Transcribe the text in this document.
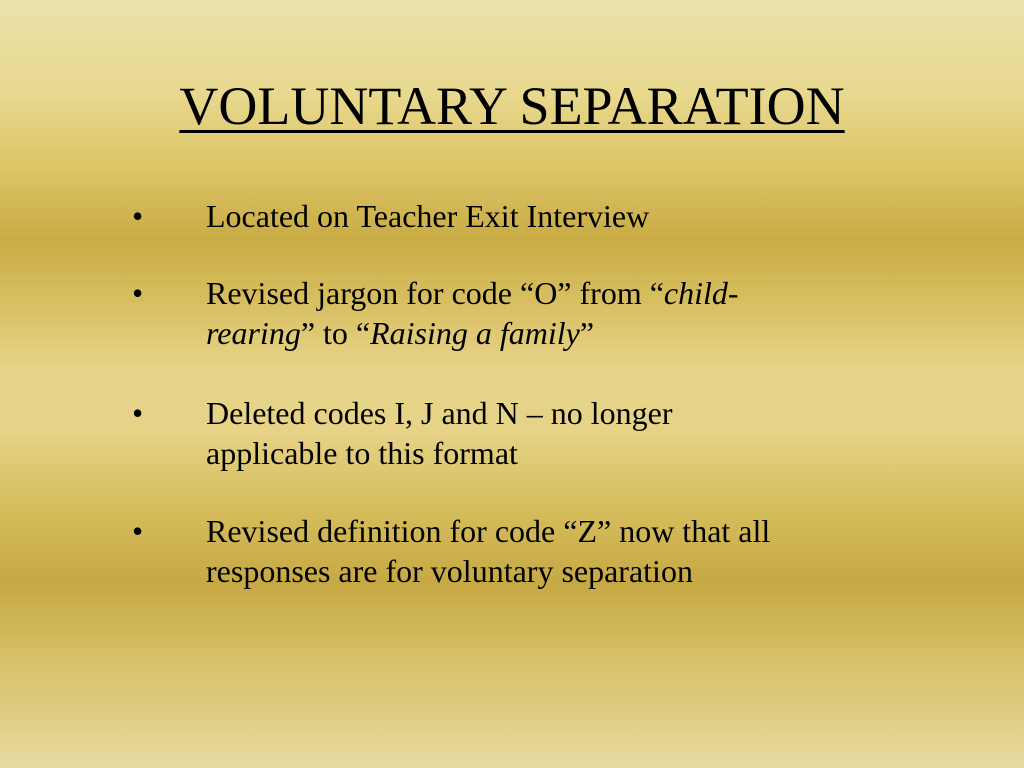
VOLUNTARY SEPARATION
• Located on Teacher Exit Interview
• Revised jargon for code “O” from “child-
rearing” to “Raising a family”
• Deleted codes I, J and N – no longer
applicable to this format
• Revised definition for code “Z” now that all
responses are for voluntary separation
